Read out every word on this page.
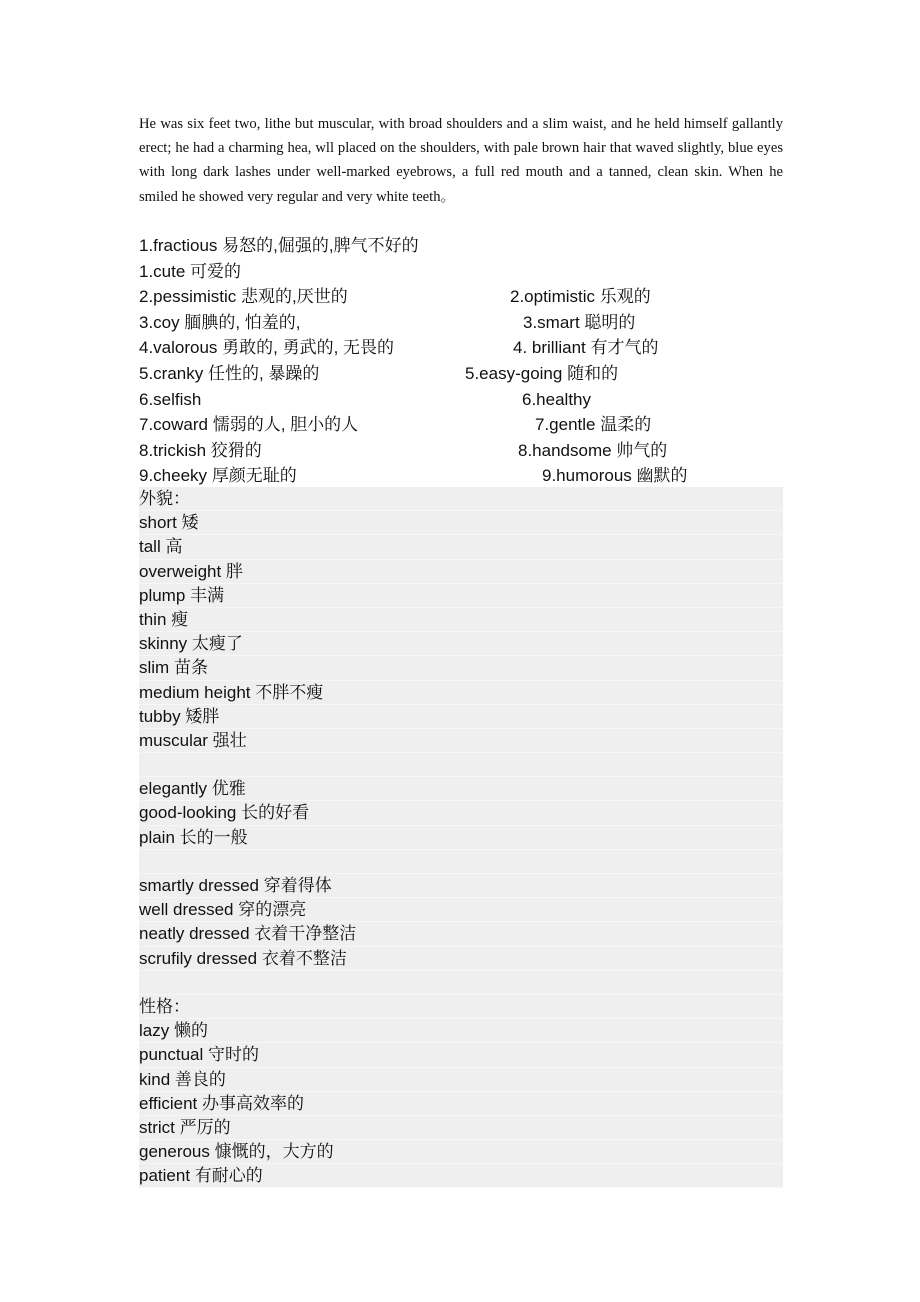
He was six feet two, lithe but muscular, with broad shoulders and a slim waist, and he held himself gallantly erect; he had a charming hea, wll placed on the shoulders, with pale brown hair that waved slightly, blue eyes with long dark lashes under well-marked eyebrows, a full red mouth and a tanned, clean skin. When he smiled he showed very regular and very white teeth。
1.fractious 易怒的,倔强的,脾气不好的
1.cute 可爱的
2.pessimistic 悲观的,厌世的	2.optimistic 乐观的
3.coy 腼腆的, 怕羞的,	3.smart 聪明的
4.valorous 勇敢的, 勇武的, 无畏的	4. brilliant 有才气的
5.cranky 任性的, 暴躁的	5.easy-going 随和的
6.selfish	6.healthy
7.coward 懦弱的人, 胆小的人	7.gentle 温柔的
8.trickish 狡猾的	8.handsome 帅气的
9.cheeky 厚颜无耻的	9.humorous 幽默的
外貌：
short 矮
tall 高
overweight 胖
plump 丰满
thin 瘦
skinny 太瘦了
slim 苗条
medium height 不胖不瘦
tubby 矮胖
muscular 强壮
elegantly 优雅
good-looking 长的好看
plain 长的一般
smartly dressed 穿着得体
well dressed 穿的漂亮
neatly dressed 衣着干净整洁
scrufily dressed 衣着不整洁
性格：
lazy 懒的
punctual 守时的
kind 善良的
efficient 办事高效率的
strict 严厉的
generous 慷慨的，大方的
patient 有耐心的
